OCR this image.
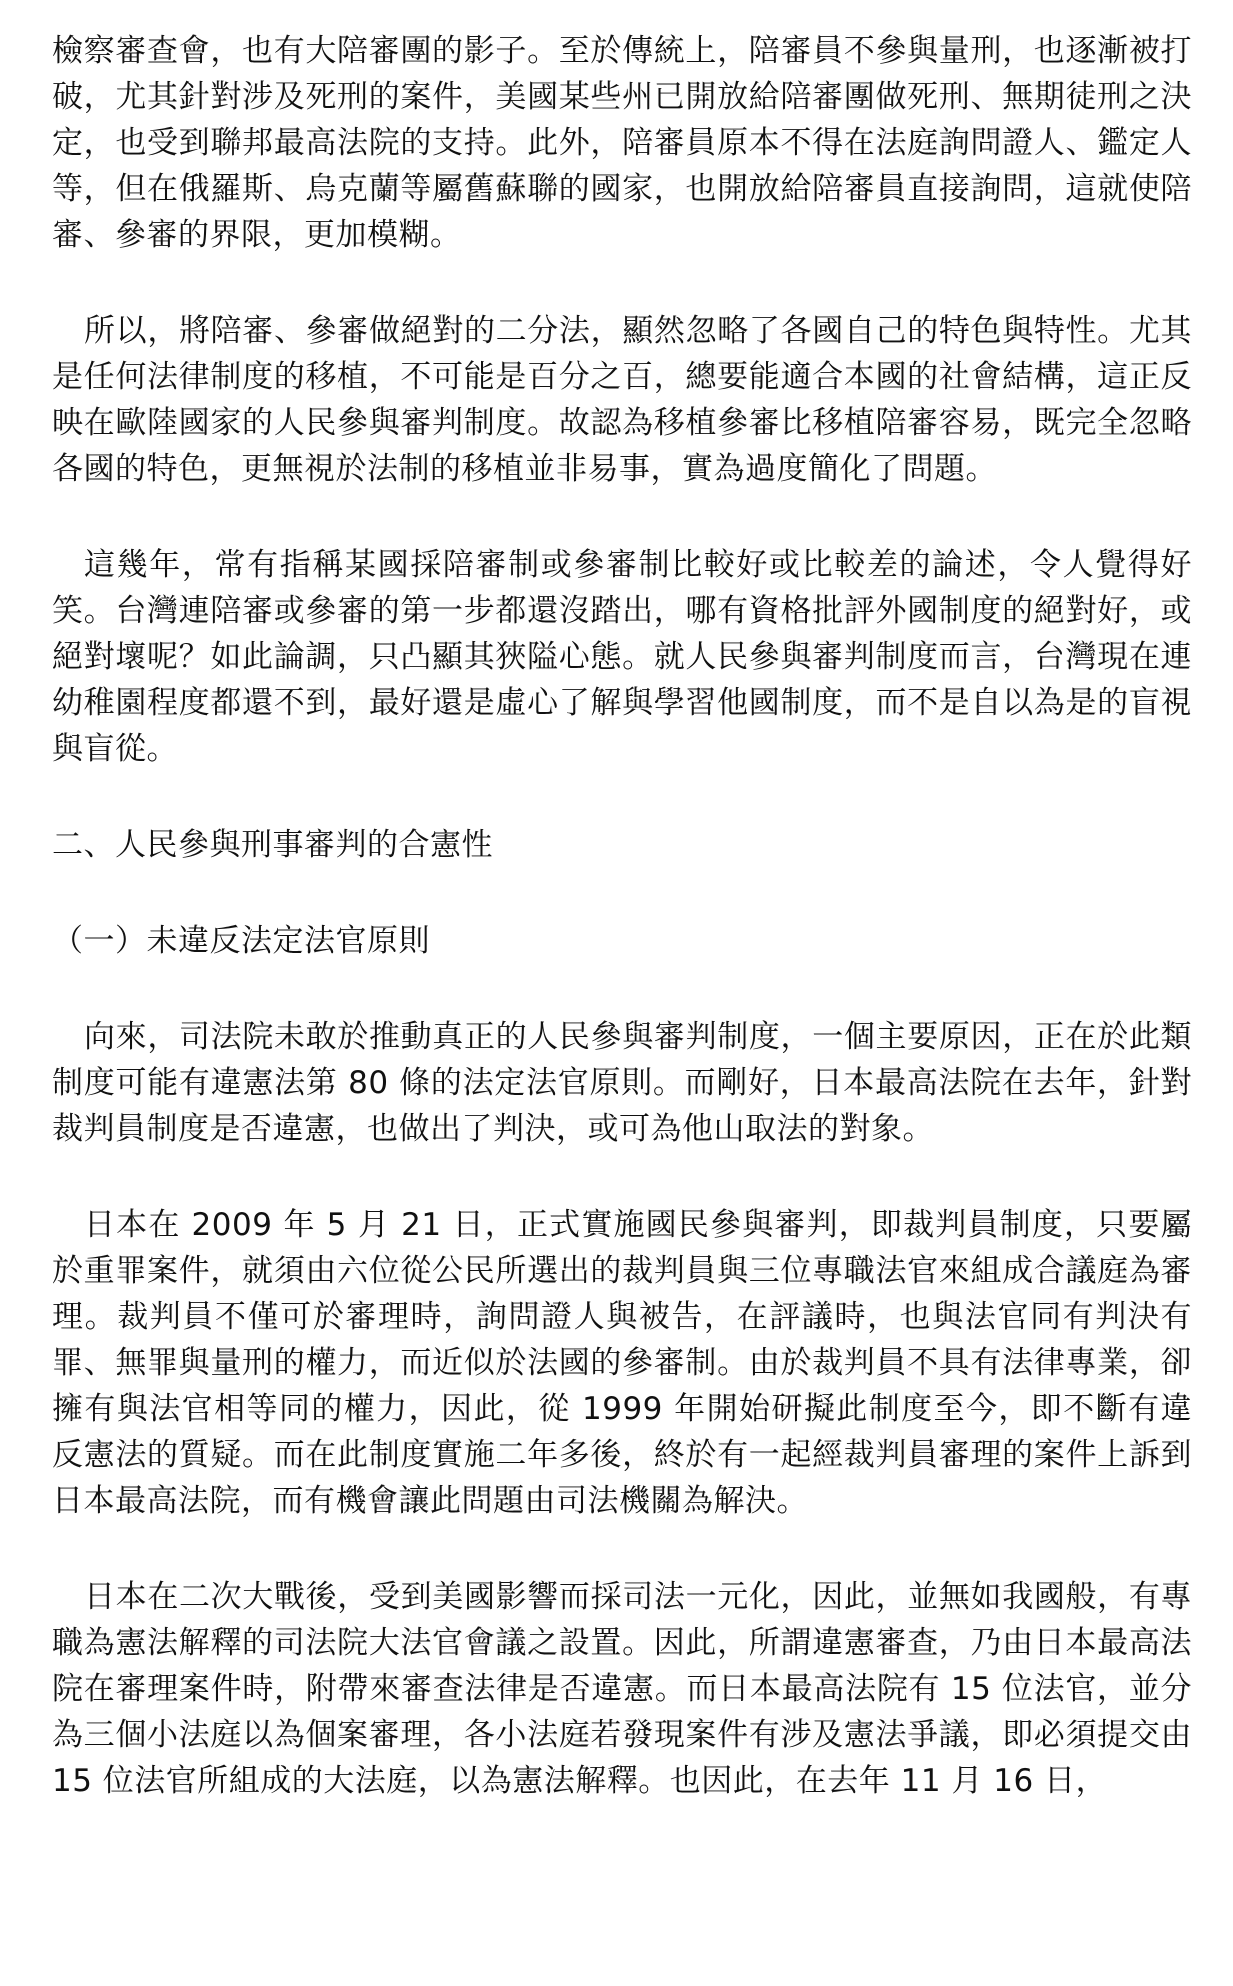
檢察審查會，也有大陪審團的影子。至於傳統上，陪審員不參與量刑，也逐漸被打破，尤其針對涉及死刑的案件，美國某些州已開放給陪審團做死刑、無期徒刑之決定，也受到聯邦最高法院的支持。此外，陪審員原本不得在法庭詢問證人、鑑定人等，但在俄羅斯、烏克蘭等屬舊蘇聯的國家，也開放給陪審員直接詢問，這就使陪審、參審的界限，更加模糊。

所以，將陪審、參審做絕對的二分法，顯然忽略了各國自己的特色與特性。尤其是任何法律制度的移植，不可能是百分之百，總要能適合本國的社會結構，這正反映在歐陸國家的人民參與審判制度。故認為移植參審比移植陪審容易，既完全忽略各國的特色，更無視於法制的移植並非易事，實為過度簡化了問題。

這幾年，常有指稱某國採陪審制或參審制比較好或比較差的論述，令人覺得好笑。台灣連陪審或參審的第一步都還沒踏出，哪有資格批評外國制度的絕對好，或絕對壞呢？如此論調，只凸顯其狹隘心態。就人民參與審判制度而言，台灣現在連幼稚園程度都還不到，最好還是虛心了解與學習他國制度，而不是自以為是的盲視與盲從。

二、人民參與刑事審判的合憲性

（一）未違反法定法官原則

向來，司法院未敢於推動真正的人民參與審判制度，一個主要原因，正在於此類制度可能有違憲法第 80 條的法定法官原則。而剛好，日本最高法院在去年，針對裁判員制度是否違憲，也做出了判決，或可為他山取法的對象。

日本在 2009 年 5 月 21 日，正式實施國民參與審判，即裁判員制度，只要屬於重罪案件，就須由六位從公民所選出的裁判員與三位專職法官來組成合議庭為審理。裁判員不僅可於審理時，詢問證人與被告，在評議時，也與法官同有判決有罪、無罪與量刑的權力，而近似於法國的參審制。由於裁判員不具有法律專業，卻擁有與法官相等同的權力，因此，從 1999 年開始研擬此制度至今，即不斷有違反憲法的質疑。而在此制度實施二年多後，終於有一起經裁判員審理的案件上訴到日本最高法院，而有機會讓此問題由司法機關為解決。

日本在二次大戰後，受到美國影響而採司法一元化，因此，並無如我國般，有專職為憲法解釋的司法院大法官會議之設置。因此，所謂違憲審查，乃由日本最高法院在審理案件時，附帶來審查法律是否違憲。而日本最高法院有 15 位法官，並分為三個小法庭以為個案審理，各小法庭若發現案件有涉及憲法爭議，即必須提交由 15 位法官所組成的大法庭，以為憲法解釋。也因此，在去年 11 月 16 日，
